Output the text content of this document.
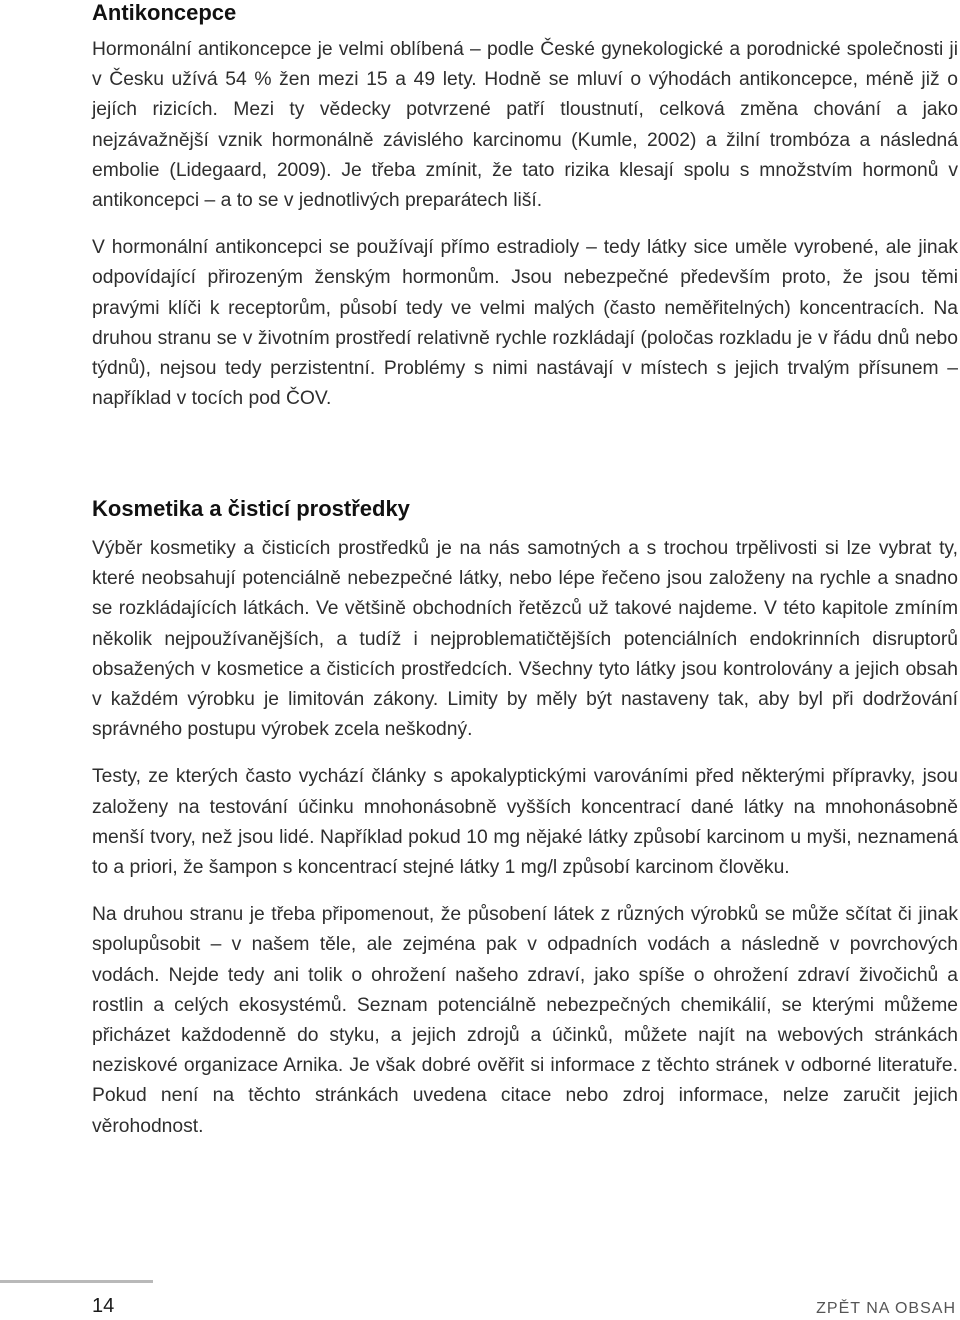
Antikoncepce

Hormonální antikoncepce je velmi oblíbená – podle České gynekologické a porodnické společnosti ji v Česku užívá 54 % žen mezi 15 a 49 lety. Hodně se mluví o výhodách antikoncepce, méně již o jejích rizicích. Mezi ty vědecky potvrzené patří tloustnutí, celková změna chování a jako nejzávažnější vznik hormonálně závislého karcinomu (Kumle, 2002) a žilní trombóza a následná embolie (Lidegaard, 2009). Je třeba zmínit, že tato rizika klesají spolu s množstvím hormonů v antikoncepci – a to se v jednotlivých preparátech liší.

V hormonální antikoncepci se používají přímo estradioly – tedy látky sice uměle vyrobené, ale jinak odpovídající přirozeným ženským hormonům. Jsou nebezpečné především proto, že jsou těmi pravými klíči k receptorům, působí tedy ve velmi malých (často neměřitelných) koncentracích. Na druhou stranu se v životním prostředí relativně rychle rozkládají (poločas rozkladu je v řádu dnů nebo týdnů), nejsou tedy perzistentní. Problémy s nimi nastávají v místech s jejich trvalým přísunem – například v tocích pod ČOV.

Kosmetika a čisticí prostředky

Výběr kosmetiky a čisticích prostředků je na nás samotných a s trochou trpělivosti si lze vybrat ty, které neobsahují potenciálně nebezpečné látky, nebo lépe řečeno jsou založeny na rychle a snadno se rozkládajících látkách. Ve většině obchodních řetězců už takové najdeme. V této kapitole zmíním několik nejpoužívanějších, a tudíž i nejproblematičtějších potenciálních endokrinních disruptorů obsažených v kosmetice a čisticích prostředcích. Všechny tyto látky jsou kontrolovány a jejich obsah v každém výrobku je limitován zákony. Limity by měly být nastaveny tak, aby byl při dodržování správného postupu výrobek zcela neškodný.

Testy, ze kterých často vychází články s apokalyptickými varováními před některými přípravky, jsou založeny na testování účinku mnohonásobně vyšších koncentrací dané látky na mnohonásobně menší tvory, než jsou lidé. Například pokud 10 mg nějaké látky způsobí karcinom u myši, neznamená to a priori, že šampon s koncentrací stejné látky 1 mg/l způsobí karcinom člověku.

Na druhou stranu je třeba připomenout, že působení látek z různých výrobků se může sčítat či jinak spolupůsobit – v našem těle, ale zejména pak v odpadních vodách a následně v povrchových vodách. Nejde tedy ani tolik o ohrožení našeho zdraví, jako spíše o ohrožení zdraví živočichů a rostlin a celých ekosystémů. Seznam potenciálně nebezpečných chemikálií, se kterými můžeme přicházet každodenně do styku, a jejich zdrojů a účinků, můžete najít na webových stránkách neziskové organizace Arnika. Je však dobré ověřit si informace z těchto stránek v odborné literatuře. Pokud není na těchto stránkách uvedena citace nebo zdroj informace, nelze zaručit jejich věrohodnost.

14	ZPĚT NA OBSAH
